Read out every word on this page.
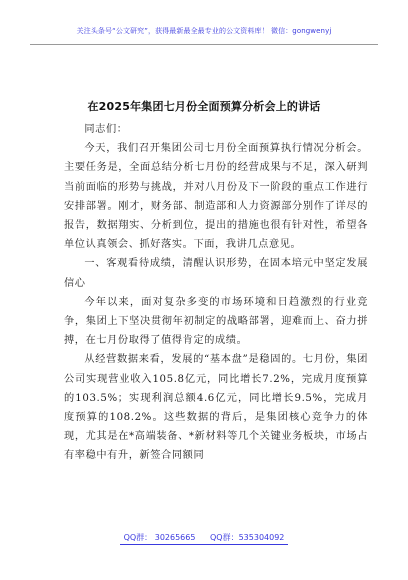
关注头条号“公文研究”，获得最新最全最专业的公文资料库！ 微信：gongwenyj
在2025年集团七月份全面预算分析会上的讲话

同志们：

今天，我们召开集团公司七月份全面预算执行情况分析会。主要任务是，全面总结分析七月份的经营成果与不足，深入研判当前面临的形势与挑战，并对八月份及下一阶段的重点工作进行安排部署。刚才，财务部、制造部和人力资源部分别作了详尽的报告，数据翔实、分析到位，提出的措施也很有针对性，希望各单位认真领会、抓好落实。下面，我讲几点意见。

一、客观看待成绩，清醒认识形势，在固本培元中坚定发展信心

今年以来，面对复杂多变的市场环境和日趋激烈的行业竞争，集团上下坚决贯彻年初制定的战略部署，迎难而上、奋力拼搏，在七月份取得了值得肯定的成绩。

从经营数据来看，发展的“基本盘”是稳固的。七月份，集团公司实现营业收入105.8亿元，同比增长7.2%，完成月度预算的103.5%；实现利润总额4.6亿元，同比增长9.5%，完成月度预算的108.2%。这些数据的背后，是集团核心竞争力的体现，尤其是在*高端装备、*新材料等几个关键业务板块，市场占有率稳中有升，新签合同额同

QQ群： 30265665 QQ群：535304092
